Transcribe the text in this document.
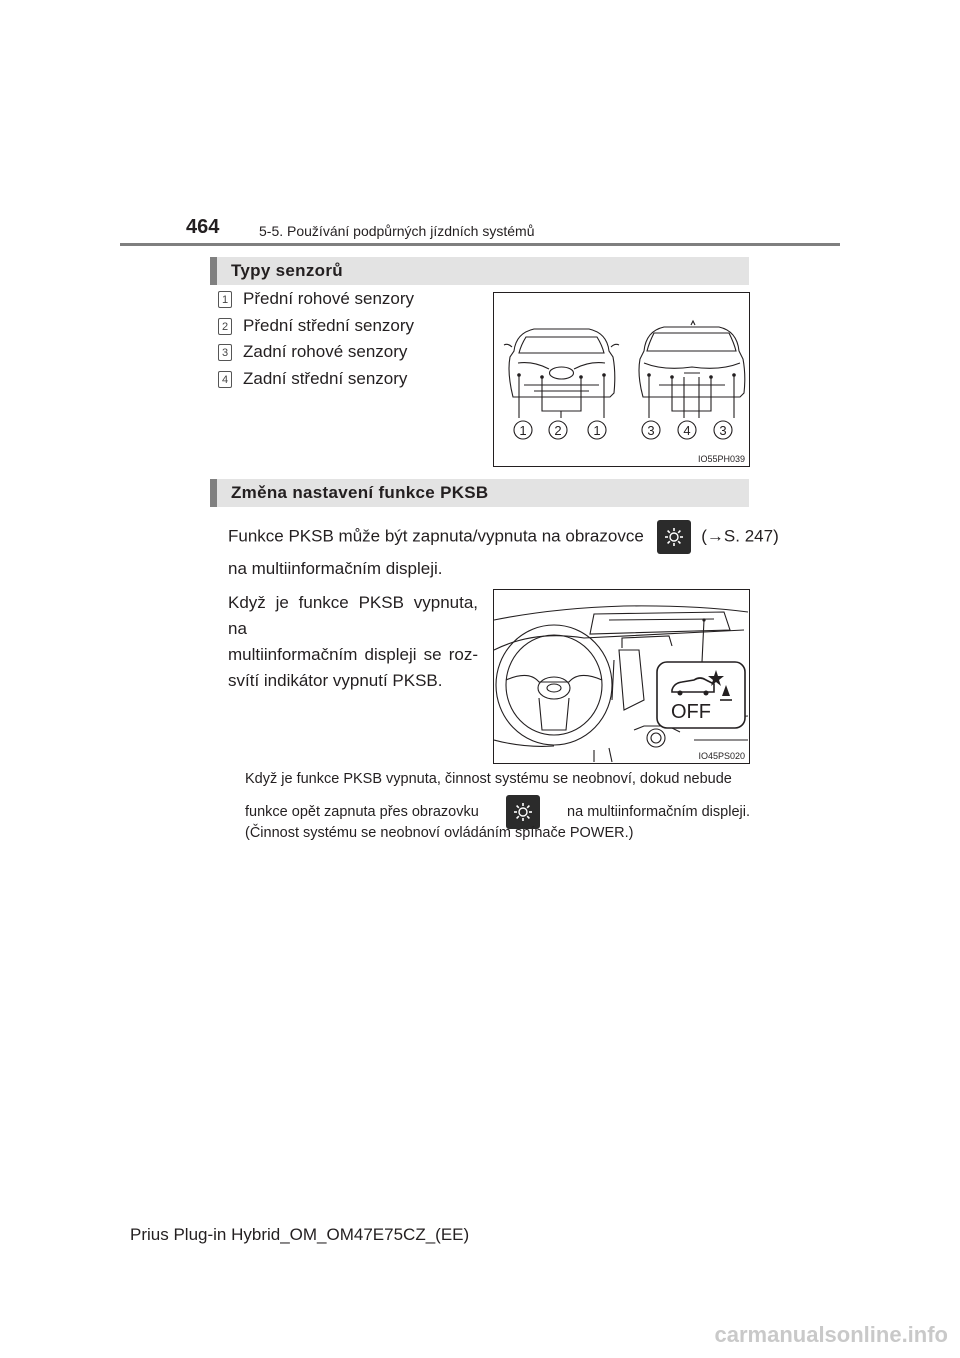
464	5-5. Používání podpůrných jízdních systémů
Typy senzorů
1 Přední rohové senzory
2 Přední střední senzory
3 Zadní rohové senzory
4 Zadní střední senzory
1 2 1	3 4 3
IO55PH039
Změna nastavení funkce PKSB
Funkce PKSB může být zapnuta/vypnuta na obrazovce	(→S. 247)
na multiinformačním displeji.
Když je funkce PKSB vypnuta, na
multiinformačním displeji se roz-
svítí indikátor vypnutí PKSB.
OFF
IO45PS020
Když je funkce PKSB vypnuta, činnost systému se neobnoví, dokud nebude
funkce opět zapnuta přes obrazovku	na multiinformačním displeji.
(Činnost systému se neobnoví ovládáním spínače POWER.)
Prius Plug-in Hybrid_OM_OM47E75CZ_(EE)
carmanualsonline.info
